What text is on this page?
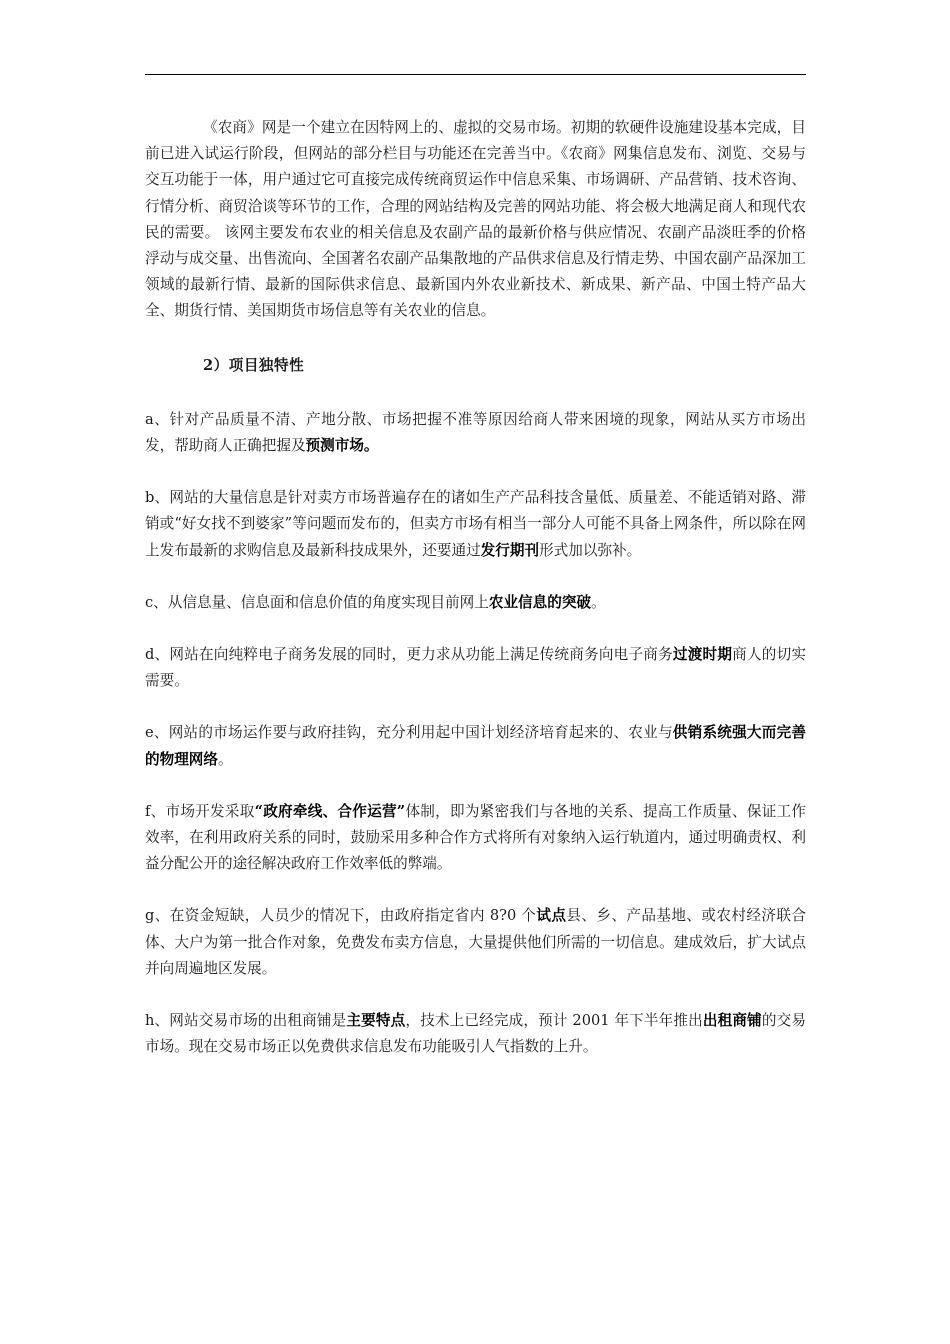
《农商》网是一个建立在因特网上的、虚拟的交易市场。初期的软硬件设施建设基本完成，目前已进入试运行阶段，但网站的部分栏目与功能还在完善当中。《农商》网集信息发布、浏览、交易与交互功能于一体，用户通过它可直接完成传统商贸运作中信息采集、市场调研、产品营销、技术咨询、行情分析、商贸洽谈等环节的工作，合理的网站结构及完善的网站功能、将会极大地满足商人和现代农民的需要。 该网主要发布农业的相关信息及农副产品的最新价格与供应情况、农副产品淡旺季的价格浮动与成交量、出售流向、全国著名农副产品集散地的产品供求信息及行情走势、中国农副产品深加工领域的最新行情、最新的国际供求信息、最新国内外农业新技术、新成果、新产品、中国土特产品大全、期货行情、美国期货市场信息等有关农业的信息。

2）项目独特性

a、针对产品质量不清、产地分散、市场把握不准等原因给商人带来困境的现象，网站从买方市场出发，帮助商人正确把握及预测市场。

b、网站的大量信息是针对卖方市场普遍存在的诸如生产产品科技含量低、质量差、不能适销对路、滞销或“好女找不到婆家”等问题而发布的，但卖方市场有相当一部分人可能不具备上网条件，所以除在网上发布最新的求购信息及最新科技成果外，还要通过发行期刊形式加以弥补。

c、从信息量、信息面和信息价值的角度实现目前网上农业信息的突破。

d、网站在向纯粹电子商务发展的同时，更力求从功能上满足传统商务向电子商务过渡时期商人的切实需要。

e、网站的市场运作要与政府挂钩，充分利用起中国计划经济培育起来的、农业与供销系统强大而完善的物理网络。

f、市场开发采取“政府牵线、合作运营”体制，即为紧密我们与各地的关系、提高工作质量、保证工作效率，在利用政府关系的同时，鼓励采用多种合作方式将所有对象纳入运行轨道内，通过明确责权、利益分配公开的途径解决政府工作效率低的弊端。

g、在资金短缺，人员少的情况下，由政府指定省内 8?0 个试点县、乡、产品基地、或农村经济联合体、大户为第一批合作对象，免费发布卖方信息，大量提供他们所需的一切信息。建成效后，扩大试点并向周遍地区发展。

h、网站交易市场的出租商铺是主要特点，技术上已经完成，预计 2001 年下半年推出出租商铺的交易市场。现在交易市场正以免费供求信息发布功能吸引人气指数的上升。
